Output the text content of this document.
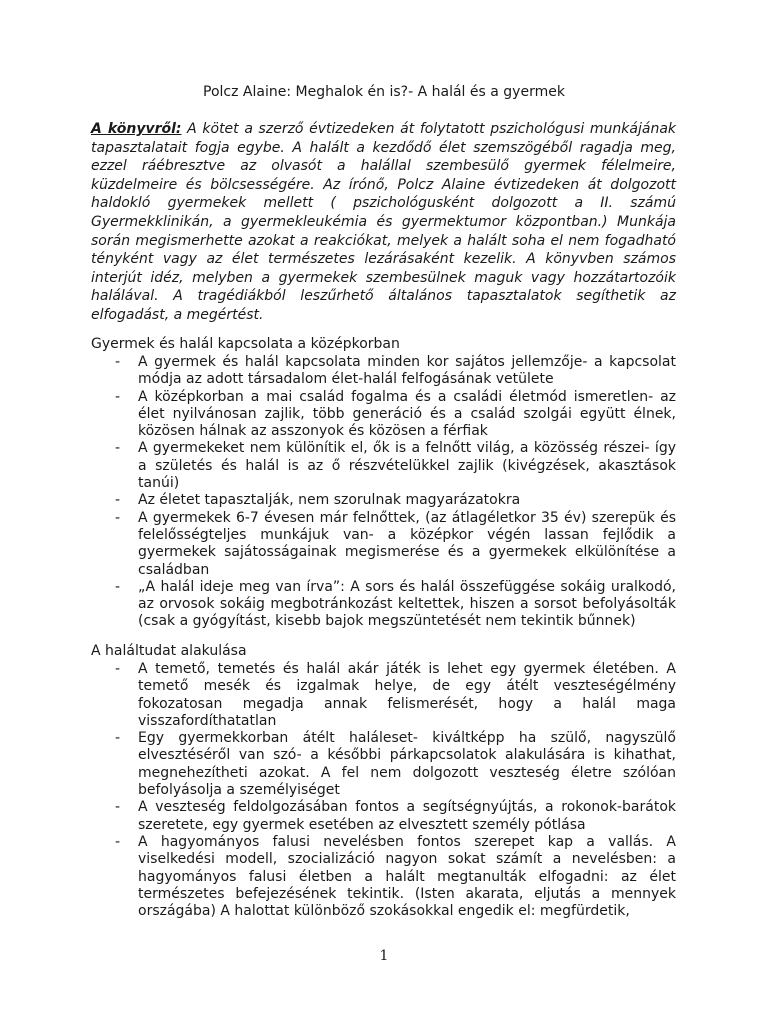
Polcz Alaine: Meghalok én is?- A halál és a gyermek

A könyvről: A kötet a szerző évtizedeken át folytatott pszichológusi munkájának tapasztalatait fogja egybe. A halált a kezdődő élet szemszögéből ragadja meg, ezzel ráébresztve az olvasót a halállal szembesülő gyermek félelmeire, küzdelmeire és bölcsességére. Az írónő, Polcz Alaine évtizedeken át dolgozott haldokló gyermekek mellett ( pszichológusként dolgozott a II. számú Gyermekklinikán, a gyermekleukémia és gyermektumor központban.) Munkája során megismerhette azokat a reakciókat, melyek a halált soha el nem fogadható tényként vagy az élet természetes lezárásaként kezelik. A könyvben számos interjút idéz, melyben a gyermekek szembesülnek maguk vagy hozzátartozóik halálával. A tragédiákból leszűrhető általános tapasztalatok segíthetik az elfogadást, a megértést.

Gyermek és halál kapcsolata a középkorban
- A gyermek és halál kapcsolata minden kor sajátos jellemzője- a kapcsolat módja az adott társadalom élet-halál felfogásának vetülete
- A középkorban a mai család fogalma és a családi életmód ismeretlen- az élet nyilvánosan zajlik, több generáció és a család szolgái együtt élnek, közösen hálnak az asszonyok és közösen a férfiak
- A gyermekeket nem különítik el, ők is a felnőtt világ, a közösség részei- így a születés és halál is az ő részvételükkel zajlik (kivégzések, akasztások tanúi)
- Az életet tapasztalják, nem szorulnak magyarázatokra
- A gyermekek 6-7 évesen már felnőttek, (az átlagéletkor 35 év) szerepük és felelősségteljes munkájuk van- a középkor végén lassan fejlődik a gyermekek sajátosságainak megismerése és a gyermekek elkülönítése a családban
- „A halál ideje meg van írva”: A sors és halál összefüggése sokáig uralkodó, az orvosok sokáig megbotránkozást keltettek, hiszen a sorsot befolyásolták (csak a gyógyítást, kisebb bajok megszüntetését nem tekintik bűnnek)
A haláltudat alakulása
- A temető, temetés és halál akár játék is lehet egy gyermek életében. A temető mesék és izgalmak helye, de egy átélt veszteségélmény fokozatosan megadja annak felismerését, hogy a halál maga visszafordíthatatlan
- Egy gyermekkorban átélt haláleset- kiváltképp ha szülő, nagyszülő elvesztéséről van szó- a későbbi párkapcsolatok alakulására is kihathat, megnehezítheti azokat. A fel nem dolgozott veszteség életre szólóan befolyásolja a személyiséget
- A veszteség feldolgozásában fontos a segítségnyújtás, a rokonok-barátok szeretete, egy gyermek esetében az elvesztett személy pótlása
- A hagyományos falusi nevelésben fontos szerepet kap a vallás. A viselkedési modell, szocializáció nagyon sokat számít a nevelésben: a hagyományos falusi életben a halált megtanulták elfogadni: az élet természetes befejezésének tekintik. (Isten akarata, eljutás a mennyek országába) A halottat különböző szokásokkal engedik el: megfürdetik,
1
